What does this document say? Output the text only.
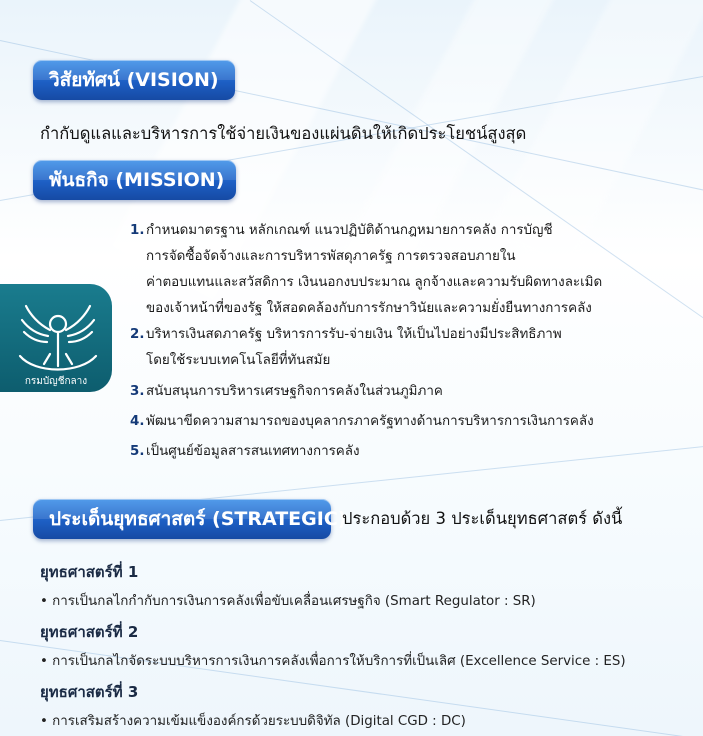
วิสัยทัศน์ (VISION)
กำกับดูแลและบริหารการใช้จ่ายเงินของแผ่นดินให้เกิดประโยชน์สูงสุด
พันธกิจ (MISSION)
กรมบัญชีกลาง
1. กำหนดมาตรฐาน หลักเกณฑ์ แนวปฏิบัติด้านกฎหมายการคลัง การบัญชี
การจัดซื้อจัดจ้างและการบริหารพัสดุภาครัฐ การตรวจสอบภายใน
ค่าตอบแทนและสวัสดิการ เงินนอกงบประมาณ ลูกจ้างและความรับผิดทางละเมิด
ของเจ้าหน้าที่ของรัฐ ให้สอดคล้องกับการรักษาวินัยและความยั่งยืนทางการคลัง
2. บริหารเงินสดภาครัฐ บริหารการรับ-จ่ายเงิน ให้เป็นไปอย่างมีประสิทธิภาพ
โดยใช้ระบบเทคโนโลยีที่ทันสมัย
3. สนับสนุนการบริหารเศรษฐกิจการคลังในส่วนภูมิภาค
4. พัฒนาขีดความสามารถของบุคลากรภาครัฐทางด้านการบริหารการเงินการคลัง
5. เป็นศูนย์ข้อมูลสารสนเทศทางการคลัง
ประเด็นยุทธศาสตร์ (STRATEGIC)
ประกอบด้วย 3 ประเด็นยุทธศาสตร์ ดังนี้
ยุทธศาสตร์ที่ 1
• การเป็นกลไกกำกับการเงินการคลังเพื่อขับเคลื่อนเศรษฐกิจ (Smart Regulator : SR)
ยุทธศาสตร์ที่ 2
• การเป็นกลไกจัดระบบบริหารการเงินการคลังเพื่อการให้บริการที่เป็นเลิศ (Excellence Service : ES)
ยุทธศาสตร์ที่ 3
• การเสริมสร้างความเข้มแข็งองค์กรด้วยระบบดิจิทัล (Digital CGD : DC)
